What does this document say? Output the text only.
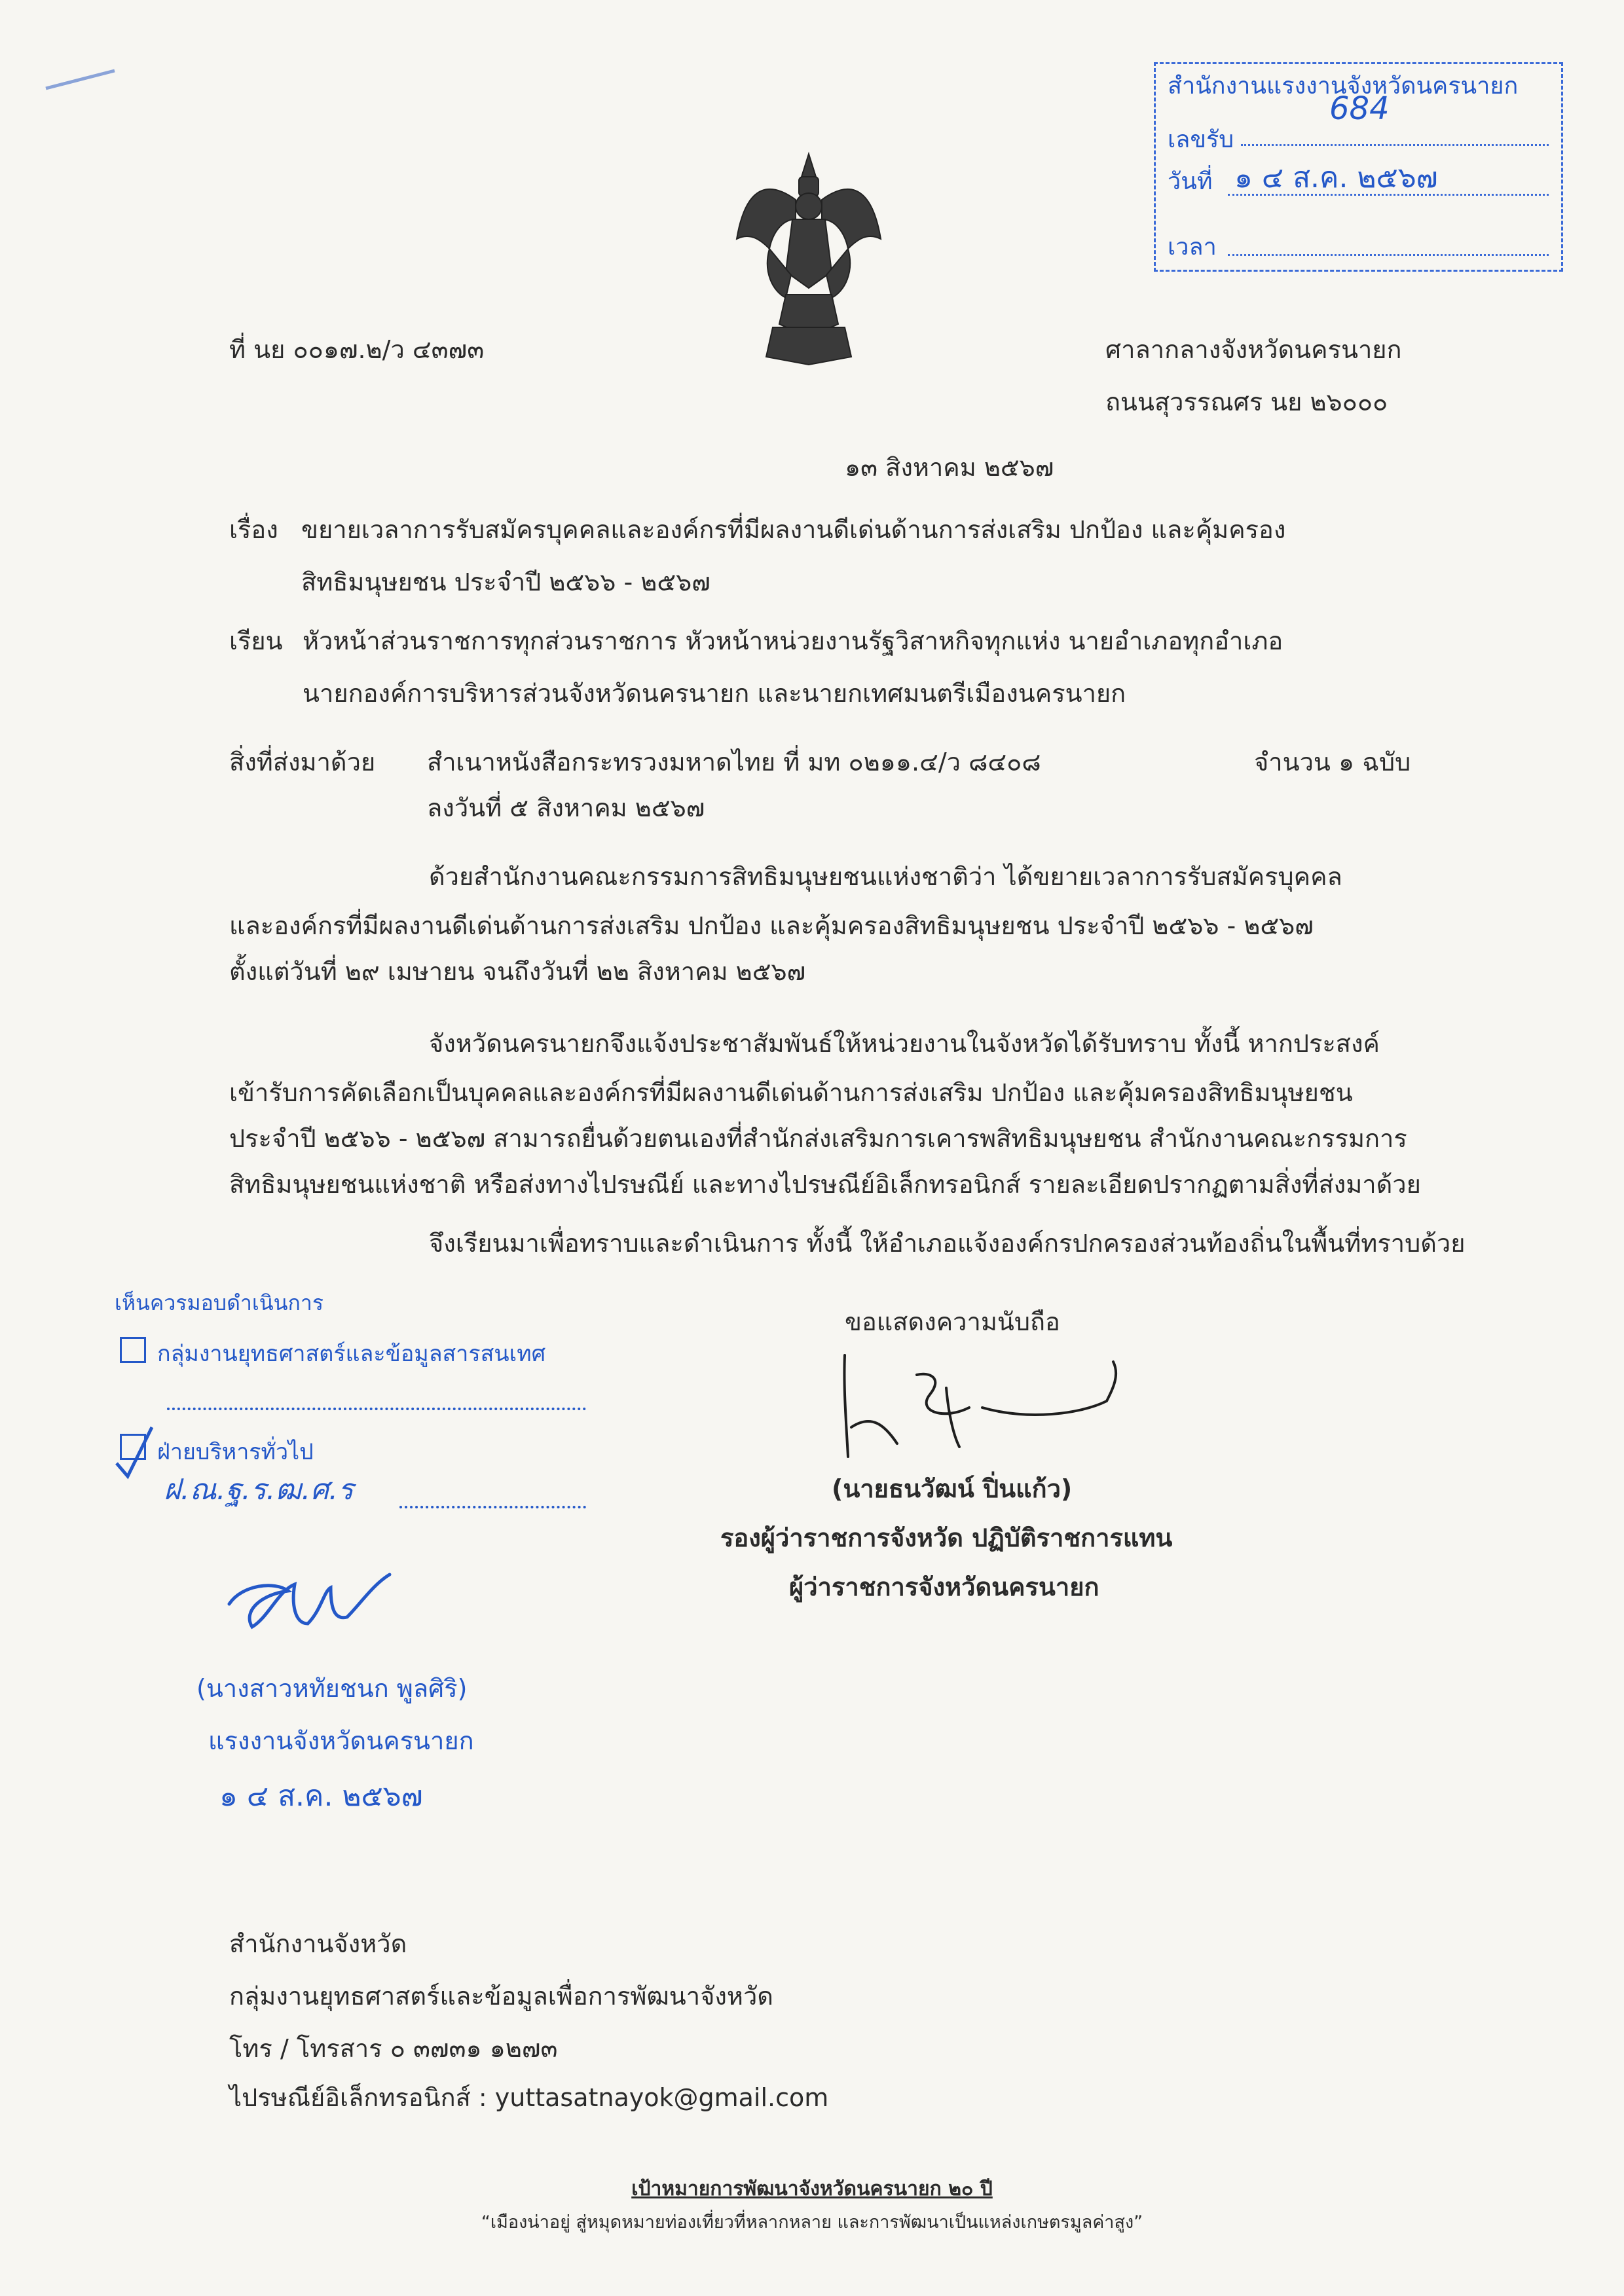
สำนักงานแรงงานจังหวัดนครนายก
เลขรับ
684
วันที่ ๑ ๔ ส.ค. ๒๕๖๗
เวลา
ที่ นย ๐๐๑๗.๒/ว ๔๓๗๓	ศาลากลางจังหวัดนครนายก
ถนนสุวรรณศร นย ๒๖๐๐๐
๑๓ สิงหาคม ๒๕๖๗
เรื่อง ขยายเวลาการรับสมัครบุคคลและองค์กรที่มีผลงานดีเด่นด้านการส่งเสริม ปกป้อง และคุ้มครอง
สิทธิมนุษยชน ประจำปี ๒๕๖๖ - ๒๕๖๗
เรียน หัวหน้าส่วนราชการทุกส่วนราชการ หัวหน้าหน่วยงานรัฐวิสาหกิจทุกแห่ง นายอำเภอทุกอำเภอ
นายกองค์การบริหารส่วนจังหวัดนครนายก และนายกเทศมนตรีเมืองนครนายก
สิ่งที่ส่งมาด้วย สำเนาหนังสือกระทรวงมหาดไทย ที่ มท ๐๒๑๑.๔/ว ๘๔๐๘	จำนวน ๑ ฉบับ
ลงวันที่ ๕ สิงหาคม ๒๕๖๗
ด้วยสำนักงานคณะกรรมการสิทธิมนุษยชนแห่งชาติว่า ได้ขยายเวลาการรับสมัครบุคคล
และองค์กรที่มีผลงานดีเด่นด้านการส่งเสริม ปกป้อง และคุ้มครองสิทธิมนุษยชน ประจำปี ๒๕๖๖ - ๒๕๖๗
ตั้งแต่วันที่ ๒๙ เมษายน จนถึงวันที่ ๒๒ สิงหาคม ๒๕๖๗
จังหวัดนครนายกจึงแจ้งประชาสัมพันธ์ให้หน่วยงานในจังหวัดได้รับทราบ ทั้งนี้ หากประสงค์
เข้ารับการคัดเลือกเป็นบุคคลและองค์กรที่มีผลงานดีเด่นด้านการส่งเสริม ปกป้อง และคุ้มครองสิทธิมนุษยชน
ประจำปี ๒๕๖๖ - ๒๕๖๗ สามารถยื่นด้วยตนเองที่สำนักส่งเสริมการเคารพสิทธิมนุษยชน สำนักงานคณะกรรมการ
สิทธิมนุษยชนแห่งชาติ หรือส่งทางไปรษณีย์ และทางไปรษณีย์อิเล็กทรอนิกส์ รายละเอียดปรากฏตามสิ่งที่ส่งมาด้วย
จึงเรียนมาเพื่อทราบและดำเนินการ ทั้งนี้ ให้อำเภอแจ้งองค์กรปกครองส่วนท้องถิ่นในพื้นที่ทราบด้วย
เห็นควรมอบดำเนินการ
กลุ่มงานยุทธศาสตร์และข้อมูลสารสนเทศ
ฝ่ายบริหารทั่วไป
ฝ.ณ.ฐ.ร.ฒ.ศ.ร
(นางสาวหทัยชนก พูลศิริ)
แรงงานจังหวัดนครนายก
๑ ๔ ส.ค. ๒๕๖๗
ขอแสดงความนับถือ
(นายธนวัฒน์ ปิ่นแก้ว)
รองผู้ว่าราชการจังหวัด ปฏิบัติราชการแทน
ผู้ว่าราชการจังหวัดนครนายก
สำนักงานจังหวัด
กลุ่มงานยุทธศาสตร์และข้อมูลเพื่อการพัฒนาจังหวัด
โทร / โทรสาร ๐ ๓๗๓๑ ๑๒๗๓
ไปรษณีย์อิเล็กทรอนิกส์ : yuttasatnayok@gmail.com
เป้าหมายการพัฒนาจังหวัดนครนายก ๒๐ ปี
“เมืองน่าอยู่ สู่หมุดหมายท่องเที่ยวที่หลากหลาย และการพัฒนาเป็นแหล่งเกษตรมูลค่าสูง”
